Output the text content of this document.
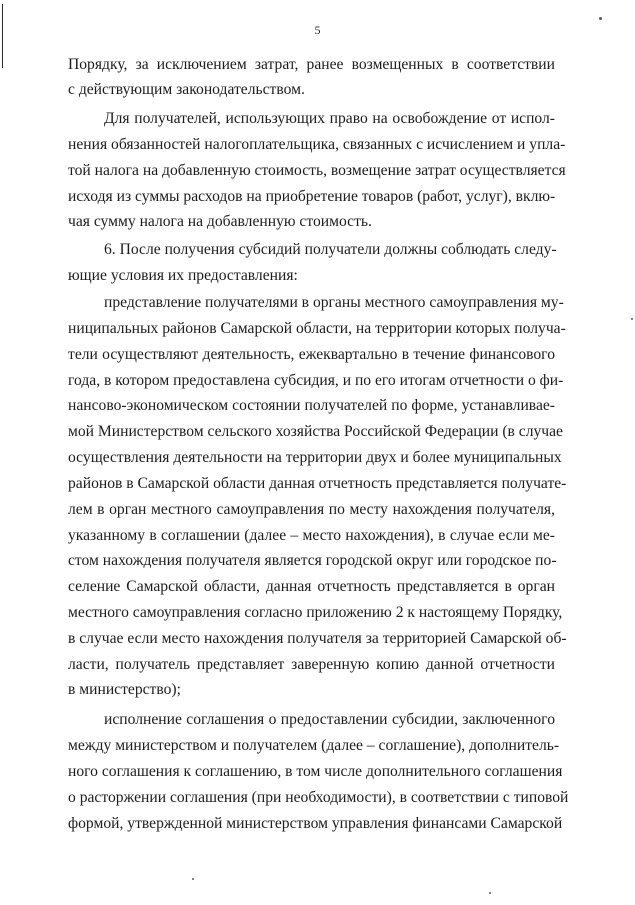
5
Порядку, за исключением затрат, ранее возмещенных в соответствии
с действующим законодательством.
Для получателей, использующих право на освобождение от испол-
нения обязанностей налогоплательщика, связанных с исчислением и упла-
той налога на добавленную стоимость, возмещение затрат осуществляется
исходя из суммы расходов на приобретение товаров (работ, услуг), вклю-
чая сумму налога на добавленную стоимость.
6. После получения субсидий получатели должны соблюдать следу-
ющие условия их предоставления:
представление получателями в органы местного самоуправления му-
ниципальных районов Самарской области, на территории которых получа-
тели осуществляют деятельность, ежеквартально в течение финансового
года, в котором предоставлена субсидия, и по его итогам отчетности о фи-
нансово-экономическом состоянии получателей по форме, устанавливае-
мой Министерством сельского хозяйства Российской Федерации (в случае
осуществления деятельности на территории двух и более муниципальных
районов в Самарской области данная отчетность представляется получате-
лем в орган местного самоуправления по месту нахождения получателя,
указанному в соглашении (далее – место нахождения), в случае если ме-
стом нахождения получателя является городской округ или городское по-
селение Самарской области, данная отчетность представляется в орган
местного самоуправления согласно приложению 2 к настоящему Порядку,
в случае если место нахождения получателя за территорией Самарской об-
ласти, получатель представляет заверенную копию данной отчетности
в министерство);
исполнение соглашения о предоставлении субсидии, заключенного
между министерством и получателем (далее – соглашение), дополнитель-
ного соглашения к соглашению, в том числе дополнительного соглашения
о расторжении соглашения (при необходимости), в соответствии с типовой
формой, утвержденной министерством управления финансами Самарской
